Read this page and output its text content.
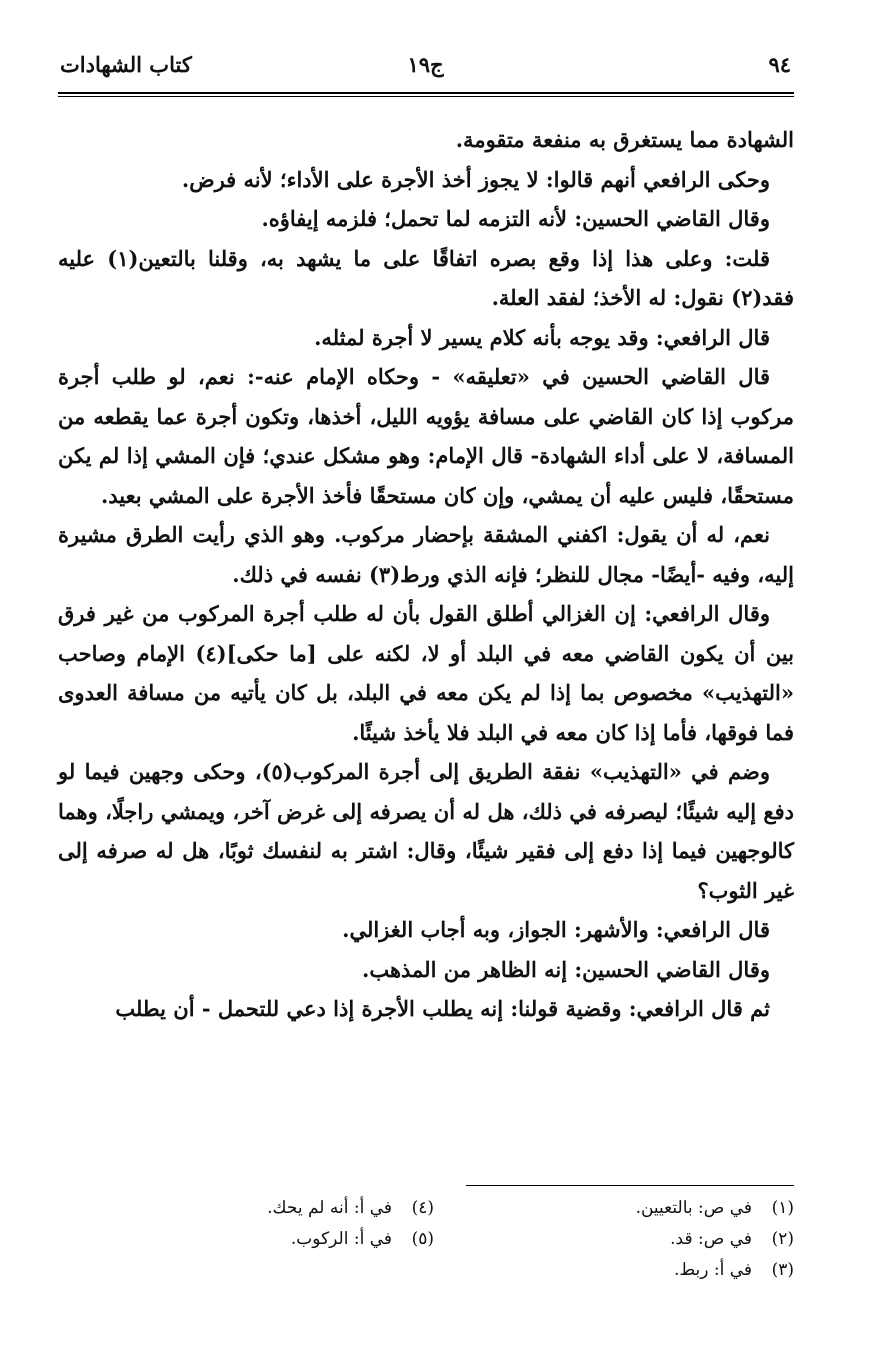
٩٤
ج١٩
كتاب الشهادات

الشهادة مما يستغرق به منفعة متقومة.

وحكى الرافعي أنهم قالوا: لا يجوز أخذ الأجرة على الأداء؛ لأنه فرض.

وقال القاضي الحسين: لأنه التزمه لما تحمل؛ فلزمه إيفاؤه.

قلت: وعلى هذا إذا وقع بصره اتفاقًا على ما يشهد به، وقلنا بالتعين(١) عليه فقد(٢) نقول: له الأخذ؛ لفقد العلة.

قال الرافعي: وقد يوجه بأنه كلام يسير لا أجرة لمثله.

قال القاضي الحسين في «تعليقه» - وحكاه الإمام عنه-: نعم، لو طلب أجرة مركوب إذا كان القاضي على مسافة يؤويه الليل، أخذها، وتكون أجرة عما يقطعه من المسافة، لا على أداء الشهادة- قال الإمام: وهو مشكل عندي؛ فإن المشي إذا لم يكن مستحقًا، فليس عليه أن يمشي، وإن كان مستحقًا فأخذ الأجرة على المشي بعيد.

نعم، له أن يقول: اكفني المشقة بإحضار مركوب. وهو الذي رأيت الطرق مشيرة إليه، وفيه -أيضًا- مجال للنظر؛ فإنه الذي ورط(٣) نفسه في ذلك.

وقال الرافعي: إن الغزالي أطلق القول بأن له طلب أجرة المركوب من غير فرق بين أن يكون القاضي معه في البلد أو لا، لكنه على [ما حكى](٤) الإمام وصاحب «التهذيب» مخصوص بما إذا لم يكن معه في البلد، بل كان يأتيه من مسافة العدوى فما فوقها، فأما إذا كان معه في البلد فلا يأخذ شيئًا.

وضم في «التهذيب» نفقة الطريق إلى أجرة المركوب(٥)، وحكى وجهين فيما لو دفع إليه شيئًا؛ ليصرفه في ذلك، هل له أن يصرفه إلى غرض آخر، ويمشي راجلًا، وهما كالوجهين فيما إذا دفع إلى فقير شيئًا، وقال: اشتر به لنفسك ثوبًا، هل له صرفه إلى غير الثوب؟

قال الرافعي: والأشهر: الجواز، وبه أجاب الغزالي.

وقال القاضي الحسين: إنه الظاهر من المذهب.

ثم قال الرافعي: وقضية قولنا: إنه يطلب الأجرة إذا دعي للتحمل - أن يطلب

(١)في ص: بالتعيين.
(٢)في ص: قد.
(٣)في أ: ربط.
(٤)في أ: أنه لم يحك.
(٥)في أ: الركوب.
